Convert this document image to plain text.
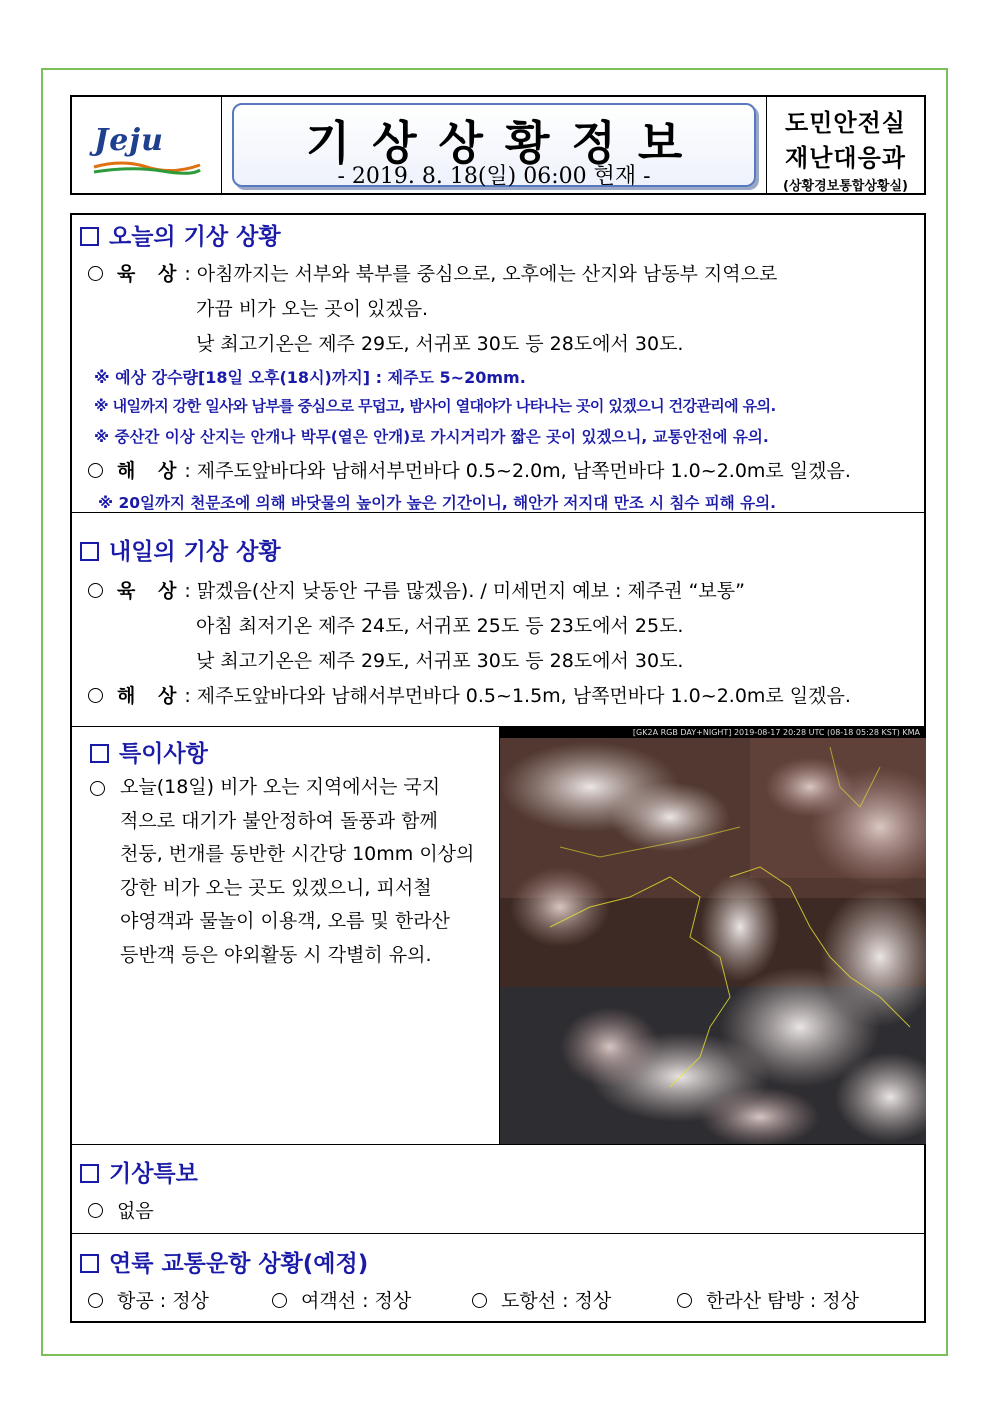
Jeju	기상상황정보
- 2019. 8. 18(일) 06:00 현재 -
도민안전실
재난대응과
(상황경보통합상황실)
오늘의 기상 상황
육 상: 아침까지는 서부와 북부를 중심으로, 오후에는 산지와 남동부 지역으로
가끔 비가 오는 곳이 있겠음.
낮 최고기온은 제주 29도, 서귀포 30도 등 28도에서 30도.
※ 예상 강수량[18일 오후(18시)까지] : 제주도 5~20mm.
※ 내일까지 강한 일사와 남부를 중심으로 무덥고, 밤사이 열대야가 나타나는 곳이 있겠으니 건강관리에 유의.
※ 중산간 이상 산지는 안개나 박무(옅은 안개)로 가시거리가 짧은 곳이 있겠으니, 교통안전에 유의.
해 상: 제주도앞바다와 남해서부먼바다 0.5~2.0m, 남쪽먼바다 1.0~2.0m로 일겠음.
※ 20일까지 천문조에 의해 바닷물의 높이가 높은 기간이니, 해안가 저지대 만조 시 침수 피해 유의.
내일의 기상 상황
육 상: 맑겠음(산지 낮동안 구름 많겠음). / 미세먼지 예보 : 제주권 “보통”
아침 최저기온 제주 24도, 서귀포 25도 등 23도에서 25도.
낮 최고기온은 제주 29도, 서귀포 30도 등 28도에서 30도.
해 상: 제주도앞바다와 남해서부먼바다 0.5~1.5m, 남쪽먼바다 1.0~2.0m로 일겠음.
특이사항
오늘(18일) 비가 오는 지역에서는 국지
적으로 대기가 불안정하여 돌풍과 함께
천둥, 번개를 동반한 시간당 10mm 이상의
강한 비가 오는 곳도 있겠으니, 피서철
야영객과 물놀이 이용객, 오름 및 한라산
등반객 등은 야외활동 시 각별히 유의.
[GK2A RGB DAY+NIGHT] 2019-08-17 20:28 UTC (08-18 05:28 KST) KMA
기상특보
없음
연륙 교통운항 상황(예정)
항공 : 정상	여객선 : 정상	도항선 : 정상	한라산 탐방 : 정상
